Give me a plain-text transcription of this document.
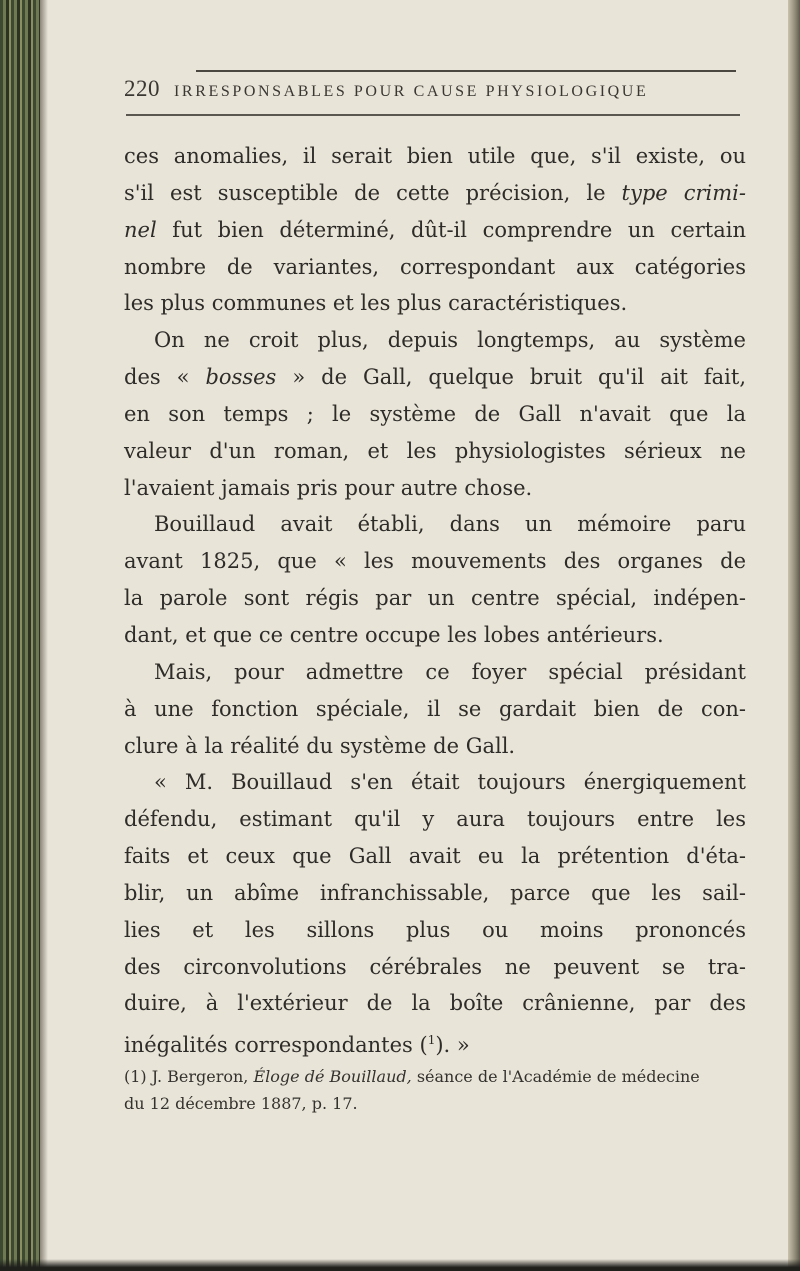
220 IRRESPONSABLES POUR CAUSE PHYSIOLOGIQUE
ces anomalies, il serait bien utile que, s'il existe, ou
s'il est susceptible de cette précision, le type crimi-
nel fut bien déterminé, dût-il comprendre un certain
nombre de variantes, correspondant aux catégories
les plus communes et les plus caractéristiques.
On ne croit plus, depuis longtemps, au système
des « bosses » de Gall, quelque bruit qu'il ait fait,
en son temps ; le système de Gall n'avait que la
valeur d'un roman, et les physiologistes sérieux ne
l'avaient jamais pris pour autre chose.
Bouillaud avait établi, dans un mémoire paru
avant 1825, que « les mouvements des organes de
la parole sont régis par un centre spécial, indépen-
dant, et que ce centre occupe les lobes antérieurs.
Mais, pour admettre ce foyer spécial présidant
à une fonction spéciale, il se gardait bien de con-
clure à la réalité du système de Gall.
« M. Bouillaud s'en était toujours énergiquement
défendu, estimant qu'il y aura toujours entre les
faits et ceux que Gall avait eu la prétention d'éta-
blir, un abîme infranchissable, parce que les sail-
lies et les sillons plus ou moins prononcés
des circonvolutions cérébrales ne peuvent se tra-
duire, à l'extérieur de la boîte crânienne, par des
inégalités correspondantes ($^1$). »
(1) J. Bergeron, Éloge dé Bouillaud, séance de l'Académie de médecine
du 12 décembre 1887, p. 17.
